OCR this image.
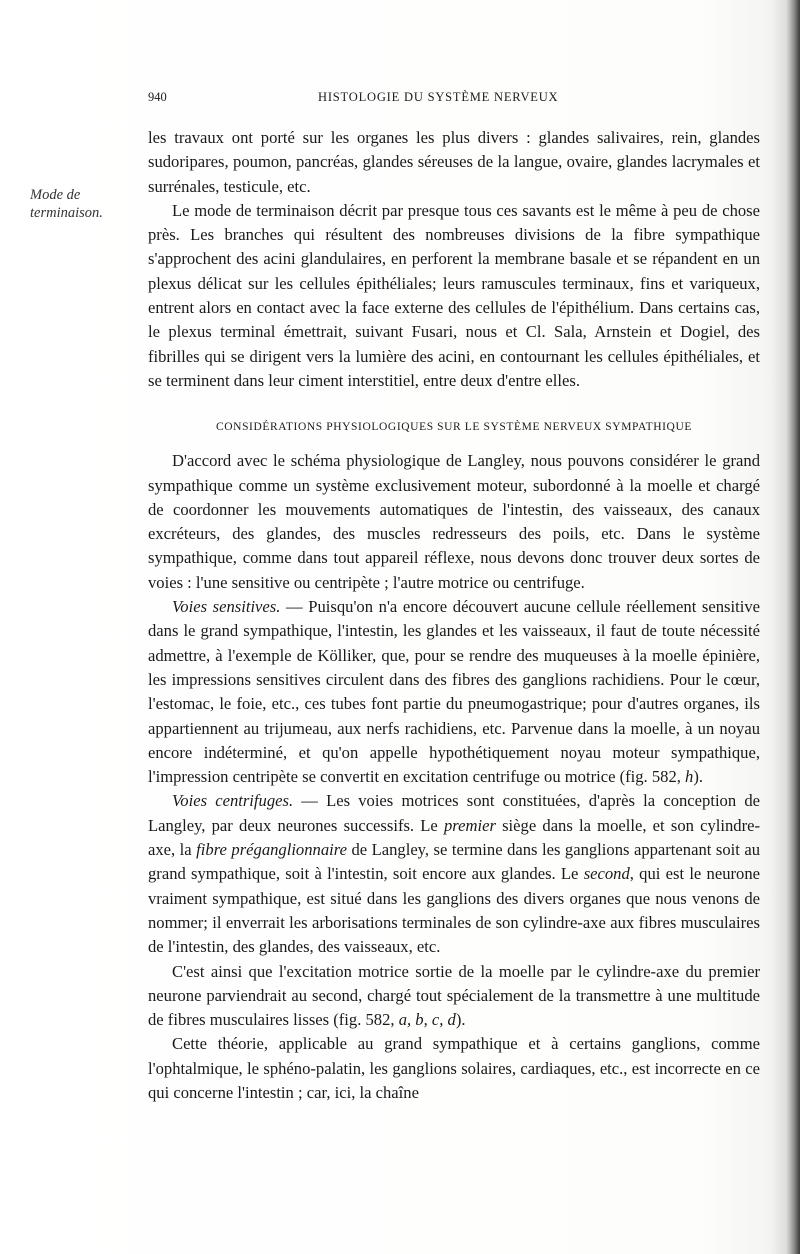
940	HISTOLOGIE DU SYSTÈME NERVEUX
Mode de terminaison.

les travaux ont porté sur les organes les plus divers : glandes salivaires, rein, glandes sudoripares, poumon, pancréas, glandes séreuses de la langue, ovaire, glandes lacrymales et surrénales, testicule, etc.

Le mode de terminaison décrit par presque tous ces savants est le même à peu de chose près. Les branches qui résultent des nombreuses divisions de la fibre sympathique s'approchent des acini glandulaires, en perforent la membrane basale et se répandent en un plexus délicat sur les cellules épithéliales; leurs ramuscules terminaux, fins et variqueux, entrent alors en contact avec la face externe des cellules de l'épithélium. Dans certains cas, le plexus terminal émettrait, suivant Fusari, nous et Cl. Sala, Arnstein et Dogiel, des fibrilles qui se dirigent vers la lumière des acini, en contournant les cellules épithéliales, et se terminent dans leur ciment interstitiel, entre deux d'entre elles.

CONSIDÉRATIONS PHYSIOLOGIQUES SUR LE SYSTÈME NERVEUX SYMPATHIQUE

D'accord avec le schéma physiologique de Langley, nous pouvons considérer le grand sympathique comme un système exclusivement moteur, subordonné à la moelle et chargé de coordonner les mouvements automatiques de l'intestin, des vaisseaux, des canaux excréteurs, des glandes, des muscles redresseurs des poils, etc. Dans le système sympathique, comme dans tout appareil réflexe, nous devons donc trouver deux sortes de voies : l'une sensitive ou centripète ; l'autre motrice ou centrifuge.

Voies sensitives. — Puisqu'on n'a encore découvert aucune cellule réellement sensitive dans le grand sympathique, l'intestin, les glandes et les vaisseaux, il faut de toute nécessité admettre, à l'exemple de Kölliker, que, pour se rendre des muqueuses à la moelle épinière, les impressions sensitives circulent dans des fibres des ganglions rachidiens. Pour le cœur, l'estomac, le foie, etc., ces tubes font partie du pneumogastrique; pour d'autres organes, ils appartiennent au trijumeau, aux nerfs rachidiens, etc. Parvenue dans la moelle, à un noyau encore indéterminé, et qu'on appelle hypothétiquement noyau moteur sympathique, l'impression centripète se convertit en excitation centrifuge ou motrice (fig. 582, h).

Voies centrifuges. — Les voies motrices sont constituées, d'après la conception de Langley, par deux neurones successifs. Le premier siège dans la moelle, et son cylindre-axe, la fibre préganglionnaire de Langley, se termine dans les ganglions appartenant soit au grand sympathique, soit à l'intestin, soit encore aux glandes. Le second, qui est le neurone vraiment sympathique, est situé dans les ganglions des divers organes que nous venons de nommer; il enverrait les arborisations terminales de son cylindre-axe aux fibres musculaires de l'intestin, des glandes, des vaisseaux, etc.

C'est ainsi que l'excitation motrice sortie de la moelle par le cylindre-axe du premier neurone parviendrait au second, chargé tout spécialement de la transmettre à une multitude de fibres musculaires lisses (fig. 582, a, b, c, d).

Cette théorie, applicable au grand sympathique et à certains ganglions, comme l'ophtalmique, le sphéno-palatin, les ganglions solaires, cardiaques, etc., est incorrecte en ce qui concerne l'intestin ; car, ici, la chaîne
